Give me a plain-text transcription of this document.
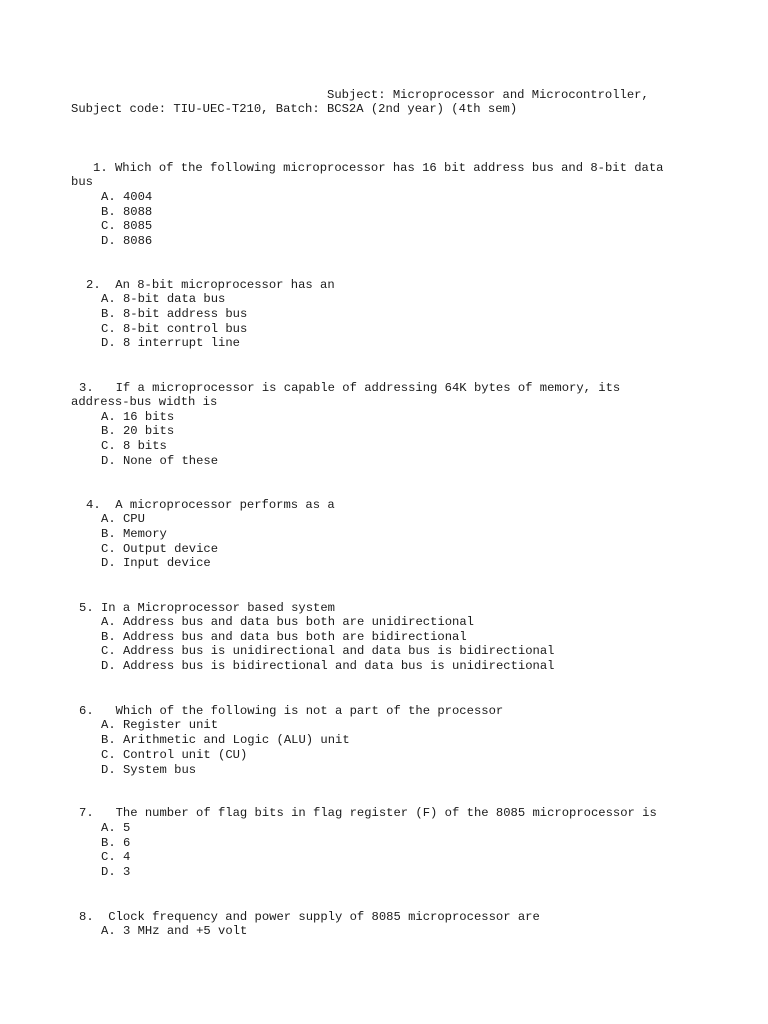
Subject: Microprocessor and Microcontroller,

Subject code: TIU-UEC-T210, Batch: BCS2A (2nd year) (4th sem)

1. Which of the following microprocessor has 16 bit address bus and 8-bit data

bus

A. 4004

B. 8088

C. 8085

D. 8086

2.  An 8-bit microprocessor has an

A. 8-bit data bus

B. 8-bit address bus

C. 8-bit control bus

D. 8 interrupt line

3.   If a microprocessor is capable of addressing 64K bytes of memory, its

address-bus width is

A. 16 bits

B. 20 bits

C. 8 bits

D. None of these

4.  A microprocessor performs as a

A. CPU

B. Memory

C. Output device

D. Input device

5. In a Microprocessor based system

A. Address bus and data bus both are unidirectional

B. Address bus and data bus both are bidirectional

C. Address bus is unidirectional and data bus is bidirectional

D. Address bus is bidirectional and data bus is unidirectional

6.   Which of the following is not a part of the processor

A. Register unit

B. Arithmetic and Logic (ALU) unit

C. Control unit (CU)

D. System bus

7.   The number of flag bits in flag register (F) of the 8085 microprocessor is

A. 5

B. 6

C. 4

D. 3

8.  Clock frequency and power supply of 8085 microprocessor are

A. 3 MHz and +5 volt
